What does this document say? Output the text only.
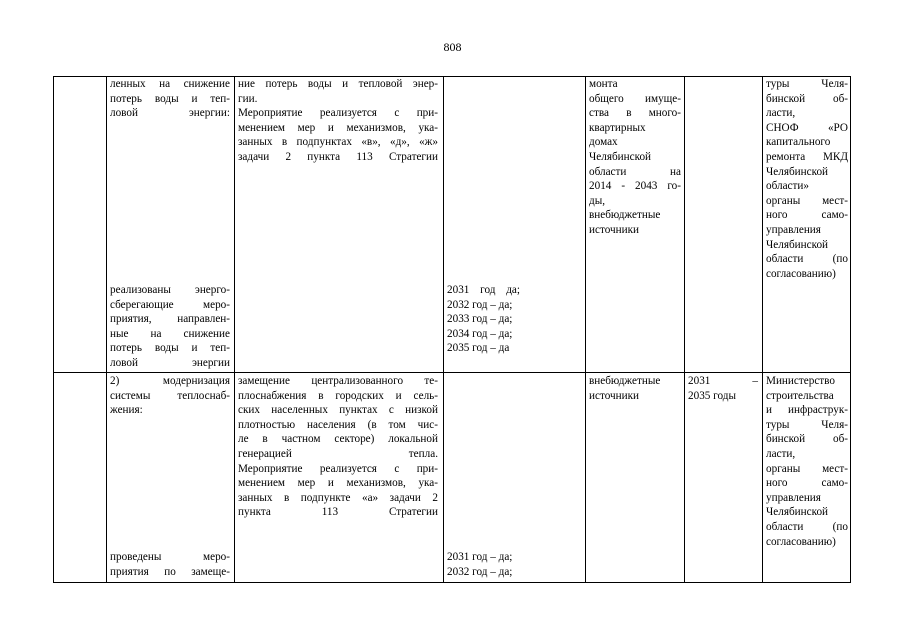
808
ленных на снижение
потерь воды и теп-
ловой энергии:
реализованы энерго-
сберегающие меро-
приятия, направлен-
ные на снижение
потерь воды и теп-
ловой энергии
ние потерь воды и тепловой энер-
гии.
Мероприятие реализуется с при-
менением мер и механизмов, ука-
занных в подпунктах «в», «д», «ж»
задачи 2 пункта 113 Стратегии
2031 год да;
2032 год – да;
2033 год – да;
2034 год – да;
2035 год – да
монта
общего имуще-
ства в много-
квартирных
домах
Челябинской
области на
2014 - 2043 го-
ды,
внебюджетные
источники
туры Челя-
бинской об-
ласти,
СНОФ «РО
капитального
ремонта МКД
Челябинской
области»
органы мест-
ного само-
управления
Челябинской
области (по
согласованию)
2) модернизация
системы теплоснаб-
жения:
проведены меро-
приятия по замеще-
замещение централизованного те-
плоснабжения в городских и сель-
ских населенных пунктах с низкой
плотностью населения (в том чис-
ле в частном секторе) локальной
генерацией тепла.
Мероприятие реализуется с при-
менением мер и механизмов, ука-
занных в подпункте «а» задачи 2
пункта 113 Стратегии
2031 год – да;
2032 год – да;
внебюджетные
источники
2031 –
2035 годы
Министерство
строительства
и инфраструк-
туры Челя-
бинской об-
ласти,
органы мест-
ного само-
управления
Челябинской
области (по
согласованию)
